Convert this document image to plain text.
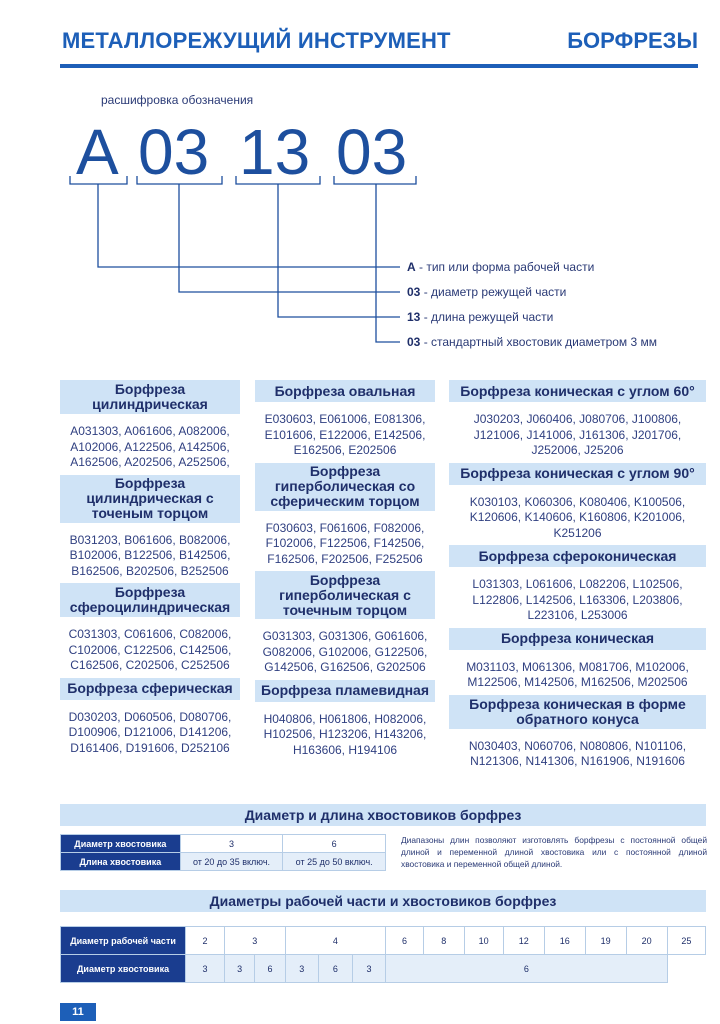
МЕТАЛЛОРЕЖУЩИЙ ИНСТРУМЕНТ	БОРФРЕЗЫ
расшифровка обозначения
A 03 13 03
A - тип или форма рабочей части
03 - диаметр режущей части
13 - длина режущей части
03 - стандартный хвостовик диаметром 3 мм
Борфреза цилиндрическая
A031303, A061606, A082006, A102006, A122506, A142506, A162506, A202506, A252506,
Борфреза цилиндрическая с точеным торцом
B031203, B061606, B082006, B102006, B122506, B142506, B162506, B202506, B252506
Борфреза сфероцилиндрическая
C031303, C061606, C082006, C102006, C122506, C142506, C162506, C202506, C252506
Борфреза сферическая
D030203, D060506, D080706, D100906, D121006, D141206, D161406, D191606, D252106
Борфреза овальная
E030603, E061006, E081306, E101606, E122006, E142506, E162506, E202506
Борфреза гиперболическая со сферическим торцом
F030603, F061606, F082006, F102006, F122506, F142506, F162506, F202506, F252506
Борфреза гиперболическая с точечным торцом
G031303, G031306, G061606, G082006, G102006, G122506, G142506, G162506, G202506
Борфреза пламевидная
H040806, H061806, H082006, H102506, H123206, H143206, H163606, H194106
Борфреза коническая с углом 60°
J030203, J060406, J080706, J100806, J121006, J141006, J161306, J201706, J252006, J25206
Борфреза коническая с углом 90°
K030103, K060306, K080406, K100506, K120606, K140606, K160806, K201006, K251206
Борфреза сфероконическая
L031303, L061606, L082206, L102506, L122806, L142506, L163306, L203806, L223106, L253006
Борфреза коническая
M031103, M061306, M081706, M102006, M122506, M142506, M162506, M202506
Борфреза коническая в форме обратного конуса
N030403, N060706, N080806, N101106, N121306, N141306, N161906, N191606
Диаметр и длина хвостовиков борфрез
Диаметр хвостовика	3	6
Длина хвостовика	от 20 до 35 включ.	от 25 до 50 включ.
Диапазоны длин позволяют изготовлять борфрезы с постоянной общей длиной и переменной длиной хвостовика или с постоянной длиной хвостовика и переменной общей длиной.
Диаметры рабочей части и хвостовиков борфрез
Диаметр рабочей части	2	3		4			6	8	10	12	16	19	20	25
Диаметр хвостовика	3	3	6	3	6	3	6							
11
